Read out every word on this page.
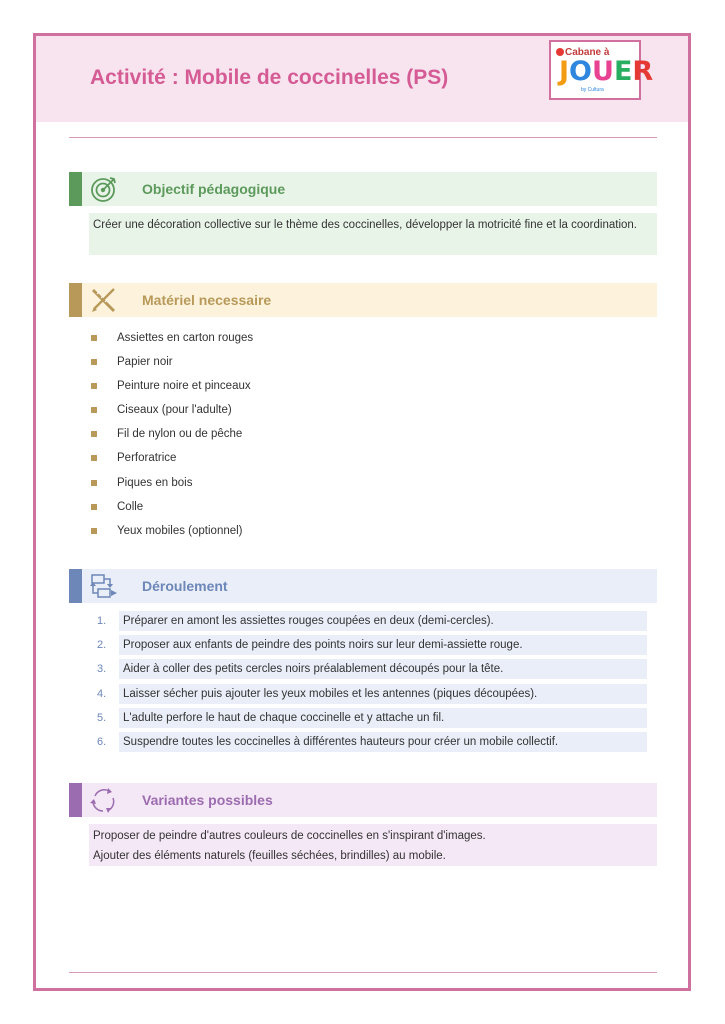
Activité : Mobile de coccinelles (PS)
Cabane à
JOUER
by Cultura
Objectif pédagogique
Créer une décoration collective sur le thème des coccinelles, développer la motricité fine et la coordination.
Matériel necessaire
Assiettes en carton rouges
Papier noir
Peinture noire et pinceaux
Ciseaux (pour l'adulte)
Fil de nylon ou de pêche
Perforatrice
Piques en bois
Colle
Yeux mobiles (optionnel)
Déroulement
1.	Préparer en amont les assiettes rouges coupées en deux (demi-cercles).
2.	Proposer aux enfants de peindre des points noirs sur leur demi-assiette rouge.
3.	Aider à coller des petits cercles noirs préalablement découpés pour la tête.
4.	Laisser sécher puis ajouter les yeux mobiles et les antennes (piques découpées).
5.	L'adulte perfore le haut de chaque coccinelle et y attache un fil.
6.	Suspendre toutes les coccinelles à différentes hauteurs pour créer un mobile collectif.
Variantes possibles
Proposer de peindre d'autres couleurs de coccinelles en s'inspirant d'images.
Ajouter des éléments naturels (feuilles séchées, brindilles) au mobile.
